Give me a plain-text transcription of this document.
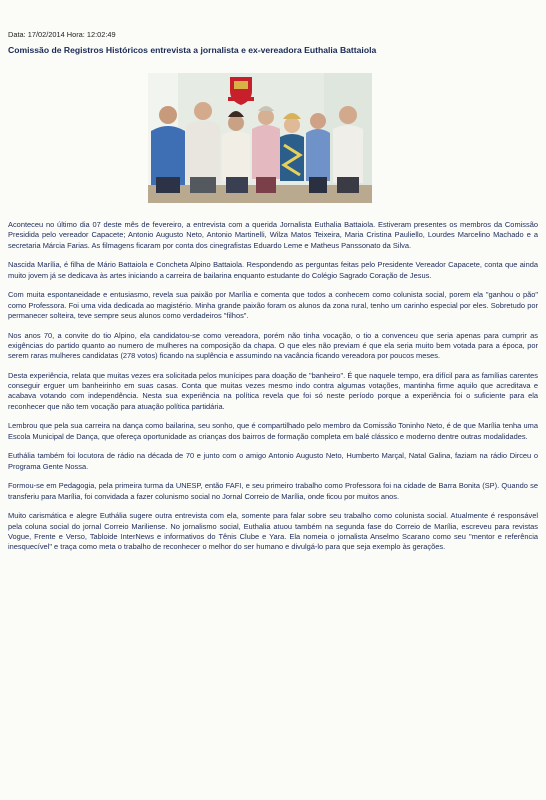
Data: 17/02/2014 Hora: 12:02:49
Comissão de Registros Históricos entrevista a jornalista e ex-vereadora Euthalia Battaiola

Aconteceu no último dia 07 deste mês de fevereiro, a entrevista com a querida Jornalista Euthalia Battaiola. Estiveram presentes os membros da Comissão Presidida pelo vereador Capacete; Antonio Augusto Neto, Antonio Martinelli, Wilza Matos Teixeira, Maria Cristina Pauliello, Lourdes Marcelino Machado e a secretaria Márcia Farias. As filmagens ficaram por conta dos cinegrafistas Eduardo Leme e Matheus Panssonato da Silva.

Nascida Marília, é filha de Mário Battaiola e Concheta Alpino Battaiola. Respondendo as perguntas feitas pelo Presidente Vereador Capacete, conta que ainda muito jovem já se dedicava às artes iniciando a carreira de bailarina enquanto estudante do Colégio Sagrado Coração de Jesus.

Com muita espontaneidade e entusiasmo, revela sua paixão por Marília e comenta que todos a conhecem como colunista social, porem ela "ganhou o pão" como Professora. Foi uma vida dedicada ao magistério. Minha grande paixão foram os alunos da zona rural, tenho um carinho especial por eles. Sobretudo por permanecer solteira, teve sempre seus alunos como verdadeiros "filhos".

Nos anos 70, a convite do tio Alpino, ela candidatou-se como vereadora, porém não tinha vocação, o tio a convenceu que seria apenas para cumprir as exigências do partido quanto ao numero de mulheres na composição da chapa. O que eles não previam é que ela seria muito bem votada para a época, por serem raras mulheres candidatas (278 votos) ficando na suplência e assumindo na vacância ficando vereadora por poucos meses.

Desta experiência, relata que muitas vezes era solicitada pelos munícipes para doação de "banheiro". É que naquele tempo, era difícil para as famílias carentes conseguir erguer um banheirinho em suas casas. Conta que muitas vezes mesmo indo contra algumas votações, mantinha firme aquilo que acreditava e acabava votando com independência. Nesta sua experiência na política revela que foi só neste período porque a experiência foi o suficiente para ela reconhecer que não tem vocação para atuação política partidária.

Lembrou que pela sua carreira na dança como bailarina, seu sonho, que é compartilhado pelo membro da Comissão Toninho Neto, é de que Marília tenha uma Escola Municipal de Dança, que ofereça oportunidade as crianças dos bairros de formação completa em balé clássico e moderno dentre outras modalidades.

Euthália também foi locutora de rádio na década de 70 e junto com o amigo Antonio Augusto Neto, Humberto Marçal, Natal Galina, faziam na rádio Dirceu o Programa Gente Nossa.

Formou-se em Pedagogia, pela primeira turma da UNESP, então FAFI, e seu primeiro trabalho como Professora foi na cidade de Barra Bonita (SP). Quando se transferiu para Marília, foi convidada a fazer colunismo social no Jornal Correio de Marília, onde ficou por muitos anos.

Muito carismática e alegre Euthália sugere outra entrevista com ela, somente para falar sobre seu trabalho como colunista social. Atualmente é responsável pela coluna social do jornal Correio Mariliense. No jornalismo social, Euthalia atuou também na segunda fase do Correio de Marília, escreveu para revistas Vogue, Frente e Verso, Tabloide InterNews e informativos do Tênis Clube e Yara. Ela nomeia o jornalista Anselmo Scarano como seu "mentor e referência inesquecível" e traça como meta o trabalho de reconhecer o melhor do ser humano e divulgá-lo para que seja exemplo às gerações.
